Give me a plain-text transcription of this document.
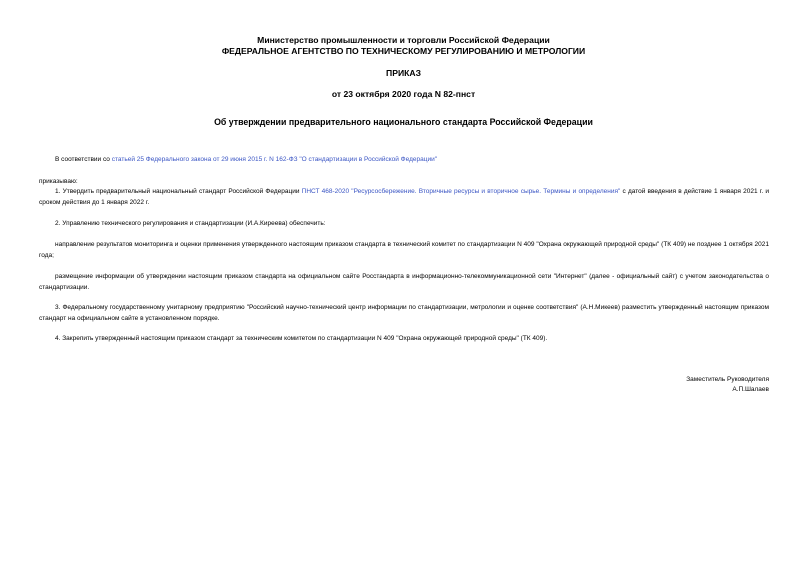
Министерство промышленности и торговли Российской Федерации
ФЕДЕРАЛЬНОЕ АГЕНТСТВО ПО ТЕХНИЧЕСКОМУ РЕГУЛИРОВАНИЮ И МЕТРОЛОГИИ
ПРИКАЗ
от 23 октября 2020 года N 82-пнст
Об утверждении предварительного национального стандарта Российской Федерации
В соответствии со статьей 25 Федерального закона от 29 июня 2015 г. N 162-ФЗ "О стандартизации в Российской Федерации"
приказываю:
1. Утвердить предварительный национальный стандарт Российской Федерации ПНСТ 468-2020 "Ресурсосбережение. Вторичные ресурсы и вторичное сырье. Термины и определения" с датой введения в действие 1 января 2021 г. и сроком действия до 1 января 2022 г.
2. Управлению технического регулирования и стандартизации (И.А.Киреева) обеспечить:
направление результатов мониторинга и оценки применения утвержденного настоящим приказом стандарта в технический комитет по стандартизации N 409 "Охрана окружающей природной среды" (ТК 409) не позднее 1 октября 2021 года;
размещение информации об утверждении настоящим приказом стандарта на официальном сайте Росстандарта в информационно-телекоммуникационной сети "Интернет" (далее - официальный сайт) с учетом законодательства о стандартизации.
3. Федеральному государственному унитарному предприятию "Российский научно-технический центр информации по стандартизации, метрологии и оценке соответствия" (А.Н.Микеев) разместить утвержденный настоящим приказом стандарт на официальном сайте в установленном порядке.
4. Закрепить утвержденный настоящим приказом стандарт за техническим комитетом по стандартизации N 409 "Охрана окружающей природной среды" (ТК 409).
Заместитель Руководителя
А.П.Шалаев
